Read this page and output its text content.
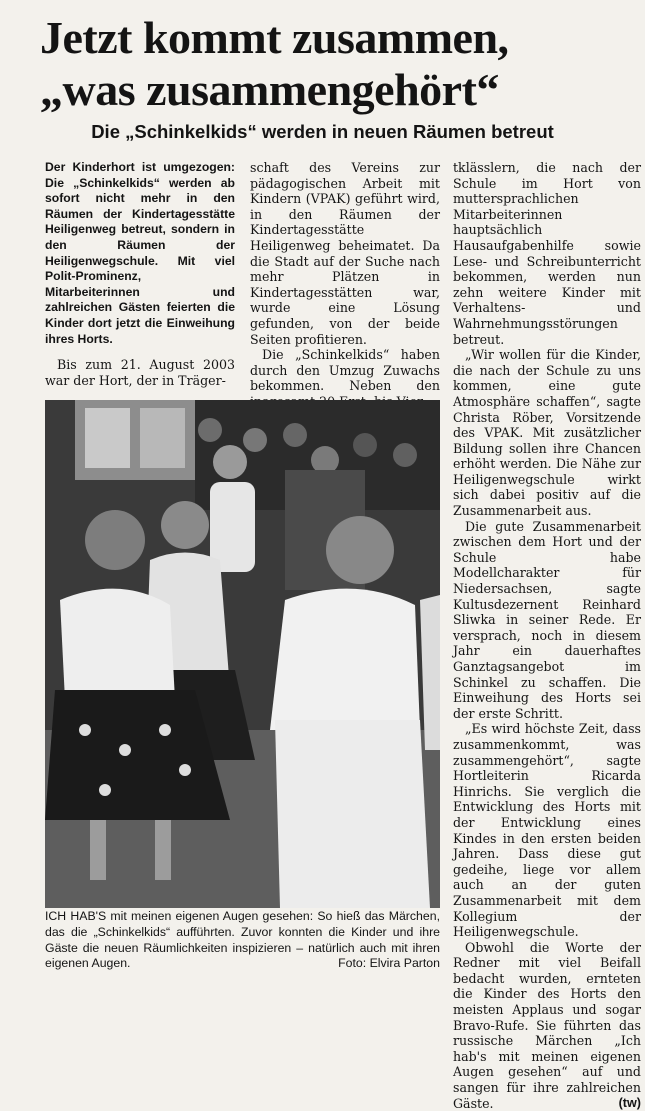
Jetzt kommt zusammen,
„was zusammengehört“
Die „Schinkelkids“ werden in neuen Räumen betreut

Der Kinderhort ist umgezogen: Die „Schinkelkids“ werden ab sofort nicht mehr in den Räumen der Kindertagesstätte Heiligenweg betreut, sondern in den Räumen der Heiligenwegschule. Mit viel Polit-Prominenz, Mitarbeiterinnen und zahlreichen Gästen feierten die Kinder dort jetzt die Einweihung ihres Horts.

Bis zum 21. August 2003 war der Hort, der in Träger-

schaft des Vereins zur pädagogischen Arbeit mit Kindern (VPAK) geführt wird, in den Räumen der Kindertagesstätte Heiligenweg beheimatet. Da die Stadt auf der Suche nach mehr Plätzen in Kindertagesstätten war, wurde eine Lösung gefunden, von der beide Seiten profitieren.

Die „Schinkelkids“ haben durch den Umzug Zuwachs bekommen. Neben den

tklässlern, die nach der Schule im Hort von muttersprachlichen Mitarbeiterinnen hauptsächlich Hausaufgabenhilfe sowie Lese- und Schreibunterricht bekommen, werden nun zehn weitere Kinder mit Verhaltens- und Wahrnehmungsstörungen betreut.

„Wir wollen für die Kinder, die nach der Schule zu uns kommen, eine gute Atmosphäre schaffen“, sagte Christa Röber, Vorsitzende des VPAK. Mit zusätzlicher Bildung sollen ihre Chancen erhöht werden. Die Nähe zur Heiligenwegschule wirkt sich dabei positiv auf die Zusammenarbeit aus.

Die gute Zusammenarbeit zwischen dem Hort und der Schule habe Modellcharakter für Niedersachsen, sagte Kultusdezernent Reinhard Sliwka in seiner Rede. Er versprach, noch in diesem Jahr ein dauerhaftes Ganztagsangebot im Schinkel zu schaffen. Die Einweihung des Horts sei der erste Schritt.

„Es wird höchste Zeit, dass zusammenkommt, was zusammengehört“, sagte Hortleiterin Ricarda Hinrichs. Sie verglich die Entwicklung des Horts mit der Entwicklung eines Kindes in den ersten beiden Jahren. Dass diese gut gedeihe, liege vor allem auch an der guten Zusammenarbeit mit dem Kollegium der Heiligenwegschule.

Obwohl die Worte der Redner mit viel Beifall bedacht wurden, ernteten die Kinder des Horts den meisten Applaus und sogar Bravo-Rufe. Sie führten das russische Märchen „Ich hab's mit meinen eigenen Augen gesehen“ auf und sangen für ihre zahlreichen Gäste.	(tw)

ICH HAB'S mit meinen eigenen Augen gesehen: So hieß das Märchen, das die „Schinkelkids“ aufführten. Zuvor konnten die Kinder und ihre Gäste die neuen Räumlichkeiten inspizieren – natürlich auch mit ihren eigenen Augen.	Foto: Elvira Parton
